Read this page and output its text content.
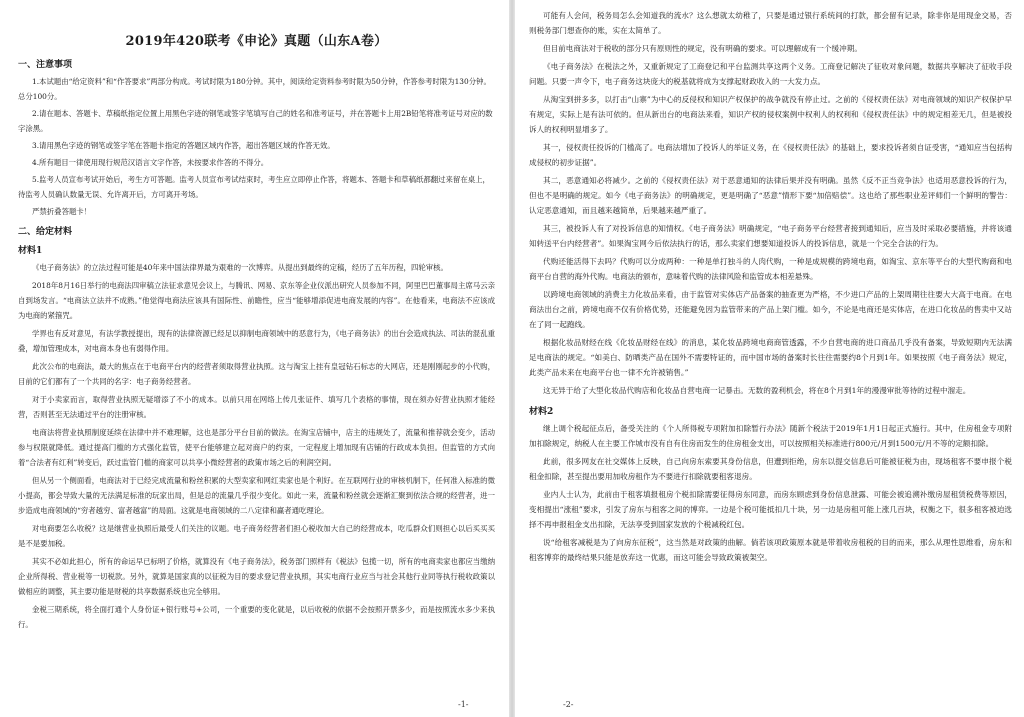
2019年420联考《申论》真题（山东A卷）
一、注意事项

1.本试题由“给定资料”和“作答要求”两部分构成。考试时限为180分钟。其中，阅读给定资料参考时限为50分钟，作答参考时限为130分钟。总分100分。

2.请在题本、答题卡、草稿纸指定位置上用黑色字迹的钢笔或签字笔填写自己的姓名和准考证号，并在答题卡上用2B铅笔将准考证号对应的数字涂黑。

3.请用黑色字迹的钢笔或签字笔在答题卡指定的答题区域内作答，超出答题区域的作答无效。

4.所有题目一律使用现行规范汉语言文字作答，未按要求作答的不得分。

5.监考人员宣布考试开始后，考生方可答题。监考人员宣布考试结束时，考生应立即停止作答，将题本、答题卡和草稿纸都翻过来留在桌上，待监考人员确认数量无误、允许离开后，方可离开考场。

严禁折叠答题卡！

二、给定材料
材料1

《电子商务法》的立法过程可能是40年来中国法律界最为艰难的一次博弈。从提出到最终的定稿，经历了五年历程，四轮审核。

2018年8月16日举行的电商法四审稿立法征求意见会议上，与腾讯、网易、京东等企业仪派出研究人员参加不同，阿里巴巴董事局主席马云亲自到场发言。“电商法立法并不成熟。”他觉得电商法应该具有国际性、前瞻性，应当“能够增添促进电商发展的内容”。在他看来，电商法不应该成为电商的紧箍咒。

学界也有反对意见，有法学教授提出，现有的法律资源已经足以抑制电商领域中的恶意行为，《电子商务法》的出台会造成执法、司法的混乱重叠，增加管理成本，对电商本身也有弱得作用。

此次公布的电商法，最大的焦点在于电商平台内的经营者须取得营业执照。这与淘宝上挂有皇冠钻石标志的大网店，还是刚刚起步的小代购，目前的它们都有了一个共同的名字：电子商务经营者。

对于小卖家而言，取得营业执照无疑增添了不小的成本。以前只用在网络上传几张证件、填写几个表格的事情，现在须办好营业执照才能经营，否则甚至无法通过平台的注册审核。

电商法将营业执照制度延续在法律中并不难理解，这也是部分平台目前的做法。在淘宝店铺中，店主的违规处了，流量和推荐就会变少，活动参与权限就降低。通过提高门槛的方式强化监管，使平台能够建立起对商户的约束，一定程度上增加现有店铺的行政成本负担。但监管的方式向着“合法者有红利”转变后，跃过监管门槛的商家可以共享小微经营者的政策市场之后的利润空间。

但从另一个侧面看，电商法对于已经完成流量和粉丝积累的大型卖家和网红卖家也是个利好。在互联网行业的审核机制下，任何准入标准的微小提高，都会导致大量的无法满足标准的玩家出局，但是总的流量几乎很少变化。如此一来，流量和粉丝就会逐渐汇聚到依法合规的经营者，进一步造成电商领域的“穷者越穷、富者越富”的局面。这就是电商领域的二八定律和赢者通吃理论。

对电商要怎么收税？这是继营业执照后最受人们关注的议题。电子商务经营者们担心税收加大自己的经营成本，吃瓜群众们则担心以后买买买是不是要加税。

其实不必如此担心，所有的命运早已标明了价格，就算没有《电子商务法》，税务部门照样有《税法》包揽一切，所有的电商卖家也都应当缴纳企业所得税、营业税等一切税款。另外，就算是国家真的以征税为目的要求登记营业执照，其实电商行业应当与社会其他行业同等执行税收政策以做相应的调整，其主要功能是财税的共享数据系统也完全够用。

金税三期系统，将全面打通个人身份证+银行账号+公司，一个重要的变化就是，以后收税的依据不会按照开票多少，而是按照流水多少来执行。

-1-

可能有人会问，税务局怎么会知道我的流水？这么想就太幼稚了，只要是通过银行系统间的打款，都会留有记录，除非你是用现金交易，否则税务部门想查你的账，实在太简单了。

但目前电商法对于税收的部分只有原则性的规定，没有明确的要求。可以理解成有一个缓冲期。

《电子商务法》在税法之外，又重新规定了工商登记和平台监测共享这两个义务。工商登记解决了征收对象问题，数据共享解决了征收手段问题。只要一声令下，电子商务这块庞大的税基就将成为支撑起财政收入的一大发力点。

从淘宝到拼多多，以打击“山寨”为中心的反侵权和知识产权保护的战争就没有停止过。之前的《侵权责任法》对电商领域的知识产权保护早有规定，实际上是有法可依的。但从新出台的电商法来看，知识产权的侵权案例中权利人的权利和《侵权责任法》中的规定相差无几，但是被投诉人的权利明显增多了。

其一，侵权责任投诉的门槛高了。电商法增加了投诉人的举证义务，在《侵权责任法》的基础上，要求投诉者须自证受害，“通知应当包括构成侵权的初步证据”。

其二，恶意通知必将减少。之前的《侵权责任法》对于恶意通知的法律后果并没有明确。虽然《反不正当竞争法》也适用恶意投诉的行为，但也不是明确的规定。如今《电子商务法》的明确规定，更是明确了“恶意”情形下要“加倍赔偿”。这也给了那些职业差评师们一个鲜明的警告：认定恶意通知，而且越来越简单，后果越来越严重了。

其三，被投诉人有了对投诉信息的知情权。《电子商务法》明确规定，“电子商务平台经营者接到通知后，应当及时采取必要措施，并将该通知转送平台内经营者”。如果淘宝网今后依法执行的话，那么卖家们想要知道投诉人的投诉信息，就是一个完全合法的行为。

代购还能活得下去吗？代购可以分成两种：一种是单打独斗的人肉代购，一种是成规模的跨境电商，如淘宝、京东等平台的大型代购商和电商平台自营的海外代购。电商法的颁布，意味着代购的法律风险和监管成本相差悬殊。

以跨境电商领域的消费主力化妆品来看，由于监管对实体店产品备案的抽查更为严格，不少进口产品的上架周期往往要大大高于电商。在电商法出台之前，跨境电商不仅有价格优势，还能避免因为监管带来的产品上架门槛。如今，不论是电商还是实体店，在进口化妆品的售卖中又站在了同一起跑线。

根据化妆品财经在线《化妆品财经在线》的消息，某化妆品跨境电商商管透露，不少自营电商的进口商品几乎没有备案，导致短期内无法满足电商法的规定。“如美白、防晒类产品在国外不需要特证的，而中国市场的备案时长往往需要约8个月到1年。如果按照《电子商务法》规定，此类产品未来在电商平台也一律不允许被销售。”

这无异于给了大型化妆品代购店和化妆品自营电商一记暴击。无数的盈利机会，将在8个月到1年的漫漫审批等待的过程中溜走。

材料2

继上调个税起征点后，备受关注的《个人所得税专项附加扣除暂行办法》随新个税法于2019年1月1日起正式施行。其中，住房租金专项附加扣除规定，纳税人在主要工作城市没有自有住房而发生的住房租金支出，可以按照相关标准进行800元/月到1500元/月不等的定额扣除。

此前，很多网友在社交媒体上反映，自己向房东索要其身份信息，但遭到拒绝，房东以提交信息后可能被征税为由，现场租客不要申报个税租金扣除，甚至提出要用加收房租作为不要进行扣除就要租客退房。

业内人士认为，此前由于租客填报租房个税扣除需要征得房东同意，而房东顾虑到身份信息泄露、可能会被追溯补缴房屋租赁税费等原因，变相提出“涨租”要求，引发了房东与租客之间的博弈。一边是个税可能抵扣几十块，另一边是房租可能上涨几百块，权衡之下，很多租客被迫选择不再申报租金支出扣除，无法享受到国家发放的个税减税红包。

说“给租客减税是为了向房东征税”，这当然是对政策的曲解。倘若该项政策原本就是带着收房租税的目的而来，那么从理性思维看，房东和租客博弈的最终结果只能是放弃这一优惠，而这可能会导致政策被架空。

-2-
